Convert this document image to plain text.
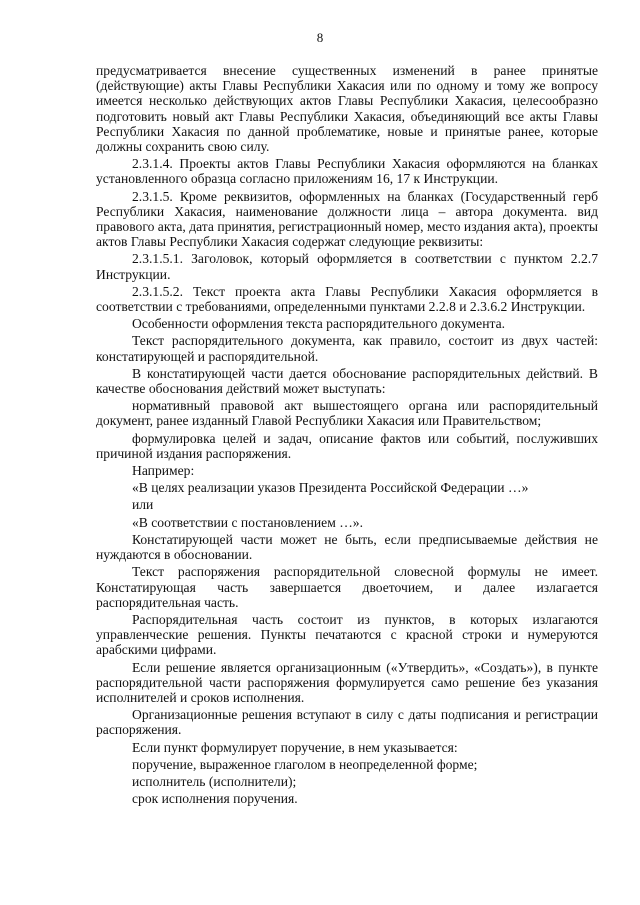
8

предусматривается внесение существенных изменений в ранее принятые (действующие) акты Главы Республики Хакасия или по одному и тому же вопросу имеется несколько действующих актов Главы Республики Хакасия, целесообразно подготовить новый акт Главы Республики Хакасия, объединяющий все акты Главы Республики Хакасия по данной проблематике, новые и принятые ранее, которые должны сохранить свою силу.

2.3.1.4. Проекты актов Главы Республики Хакасия оформляются на бланках установленного образца согласно приложениям 16, 17 к Инструкции.

2.3.1.5. Кроме реквизитов, оформленных на бланках (Государственный герб Республики Хакасия, наименование должности лица – автора документа. вид правового акта, дата принятия, регистрационный номер, место издания акта), проекты актов Главы Республики Хакасия содержат следующие реквизиты:

2.3.1.5.1. Заголовок, который оформляется в соответствии с пунктом 2.2.7 Инструкции.

2.3.1.5.2. Текст проекта акта Главы Республики Хакасия оформляется в соответствии с требованиями, определенными пунктами 2.2.8 и 2.3.6.2 Инструкции.

Особенности оформления текста распорядительного документа.

Текст распорядительного документа, как правило, состоит из двух частей: констатирующей и распорядительной.

В констатирующей части дается обоснование распорядительных действий. В качестве обоснования действий может выступать:

нормативный правовой акт вышестоящего органа или распорядительный документ, ранее изданный Главой Республики Хакасия или Правительством;

формулировка целей и задач, описание фактов или событий, послуживших причиной издания распоряжения.

Например:

«В целях реализации указов Президента Российской Федерации …»

или

«В соответствии с постановлением …».

Констатирующей части может не быть, если предписываемые действия не нуждаются в обосновании.

Текст распоряжения распорядительной словесной формулы не имеет. Констатирующая часть завершается двоеточием, и далее излагается распорядительная часть.

Распорядительная часть состоит из пунктов, в которых излагаются управленческие решения. Пункты печатаются с красной строки и нумеруются арабскими цифрами.

Если решение является организационным («Утвердить», «Создать»), в пункте распорядительной части распоряжения формулируется само решение без указания исполнителей и сроков исполнения.

Организационные решения вступают в силу с даты подписания и регистрации распоряжения.

Если пункт формулирует поручение, в нем указывается:

поручение, выраженное глаголом в неопределенной форме;

исполнитель (исполнители);

срок исполнения поручения.
